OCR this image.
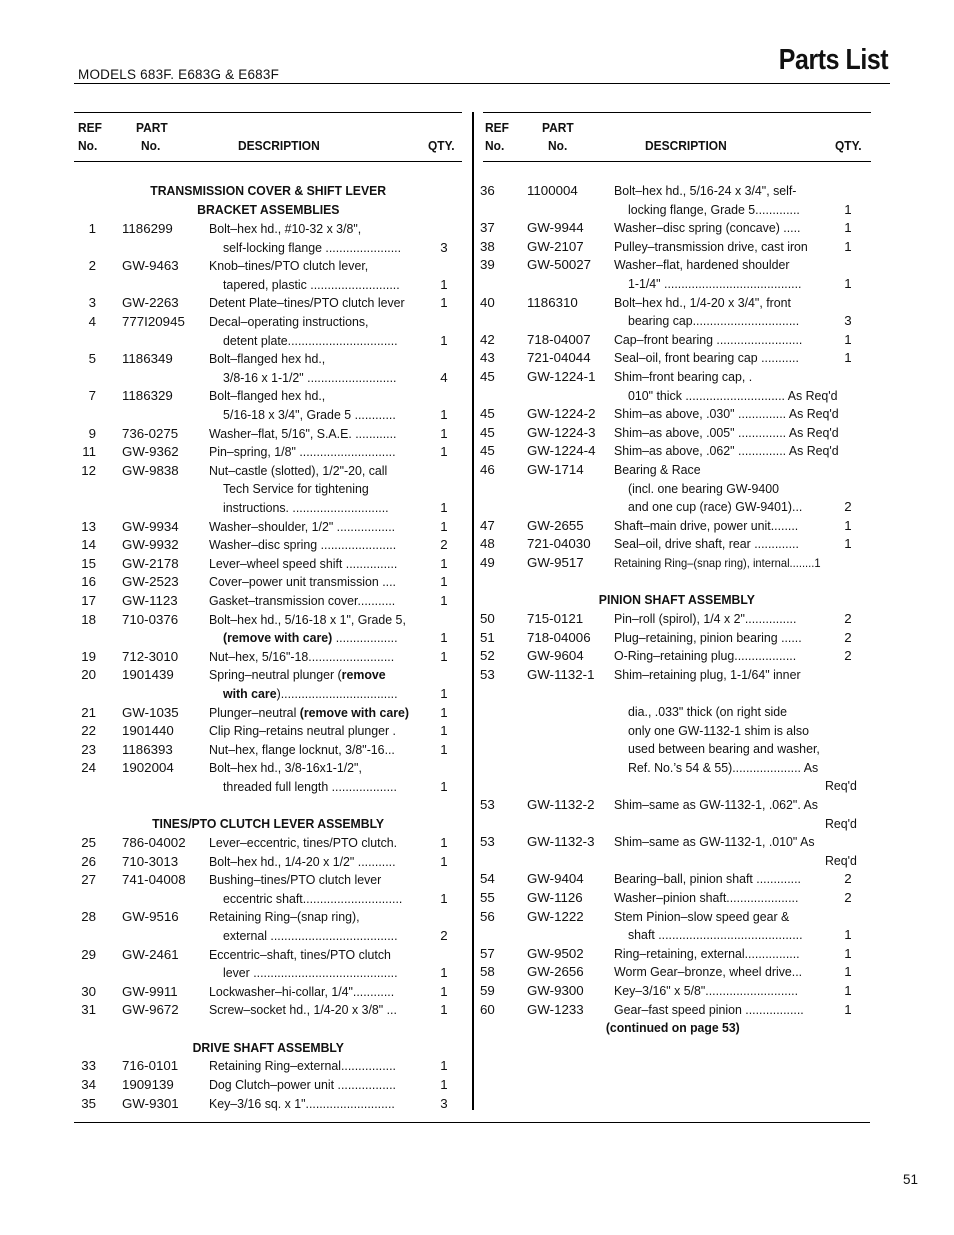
MODELS 683F. E683G & E683F	Parts List
REF
No.
PART
No.	DESCRIPTION	QTY.
TRANSMISSION COVER & SHIFT LEVER
BRACKET ASSEMBLIES
1 1186299	Bolt–hex hd., #10-32 x 3/8",
self-locking flange ......................	3
2 GW-9463 Knob–tines/PTO clutch lever,
tapered, plastic ..........................	1
3 GW-2263 Detent Plate–tines/PTO clutch lever	1
4 777I20945 Decal–operating instructions,
detent plate................................	1
5 1186349	Bolt–flanged hex hd.,
3/8-16 x 1-1/2" ..........................	4
7 1186329	Bolt–flanged hex hd.,
5/16-18 x 3/4", Grade 5 ............	1
9 736-0275 Washer–flat, 5/16", S.A.E. ............	1
11 GW-9362 Pin–spring, 1/8" ............................	1
12 GW-9838 Nut–castle (slotted), 1/2"-20, call
Tech Service for tightening
instructions. ............................	1
13 GW-9934 Washer–shoulder, 1/2" .................	1
14 GW-9932 Washer–disc spring ......................	2
15 GW-2178 Lever–wheel speed shift ...............	1
16 GW-2523 Cover–power unit transmission ....	1
17 GW-1123 Gasket–transmission cover...........	1
18 710-0376 Bolt–hex hd., 5/16-18 x 1", Grade 5,
(remove with care) ..................	1
19 712-3010 Nut–hex, 5/16"-18.........................	1
20 1901439	Spring–neutral plunger (remove
with care)..................................	1
21 GW-1035 Plunger–neutral (remove with care) 1
22 1901440	Clip Ring–retains neutral plunger .	1
23 1186393	Nut–hex, flange locknut, 3/8"-16...	1
24 1902004	Bolt–hex hd., 3/8-16x1-1/2",
threaded full length ...................	1
TINES/PTO CLUTCH LEVER ASSEMBLY
25 786-04002 Lever–eccentric, tines/PTO clutch.	1
26 710-3013 Bolt–hex hd., 1/4-20 x 1/2" ...........	1
27 741-04008 Bushing–tines/PTO clutch lever
eccentric shaft.............................	1
28 GW-9516 Retaining Ring–(snap ring),
external .....................................	2
29 GW-2461 Eccentric–shaft, tines/PTO clutch
lever ..........................................	1
30 GW-9911 Lockwasher–hi-collar, 1/4"............	1
31 GW-9672 Screw–socket hd., 1/4-20 x 3/8" ...	1
DRIVE SHAFT ASSEMBLY
33 716-0101 Retaining Ring–external................	1
34 1909139	Dog Clutch–power unit .................	1
35 GW-9301 Key–3/16 sq. x 1"..........................	3
REF
No.
PART
No.	DESCRIPTION	QTY.
36	1100004	Bolt–hex hd., 5/16-24 x 3/4", self-
locking flange, Grade 5.............	1
37	GW-9944 Washer–disc spring (concave) .....	1
38	GW-2107 Pulley–transmission drive, cast iron	1
39	GW-50027 Washer–flat, hardened shoulder
1-1/4" ........................................	1
40	1186310	Bolt–hex hd., 1/4-20 x 3/4", front
bearing cap...............................	3
42	718-04007 Cap–front bearing .........................	1
43	721-04044 Seal–oil, front bearing cap ...........	1
45	GW-1224-1 Shim–front bearing cap, .
010" thick ............................. As Req'd
45	GW-1224-2 Shim–as above, .030" .............. As Req'd
45	GW-1224-3 Shim–as above, .005" .............. As Req'd
45	GW-1224-4 Shim–as above, .062" .............. As Req'd
46	GW-1714 Bearing & Race
(incl. one bearing GW-9400
and one cup (race) GW-9401)...	2
47	GW-2655 Shaft–main drive, power unit........	1
48	721-04030 Seal–oil, drive shaft, rear .............	1
49	GW-9517	Retaining Ring–(snap ring), internal........1
PINION SHAFT ASSEMBLY
50	715-0121 Pin–roll (spirol), 1/4 x 2"...............	2
51	718-04006 Plug–retaining, pinion bearing ......	2
52	GW-9604 O-Ring–retaining plug..................	2
53	GW-1132-1 Shim–retaining plug, 1-1/64" inner
dia., .033" thick (on right side
only one GW-1132-1 shim is also
used between bearing and washer,
Ref. No.’s 54 & 55).................... As
Req'd
53	GW-1132-2 Shim–same as GW-1132-1, .062". As
Req'd
53	GW-1132-3 Shim–same as GW-1132-1, .010" As
Req'd
54	GW-9404 Bearing–ball, pinion shaft .............	2
55	GW-1126 Washer–pinion shaft.....................	2
56	GW-1222 Stem Pinion–slow speed gear &
shaft ..........................................	1
57	GW-9502 Ring–retaining, external................	1
58	GW-2656 Worm Gear–bronze, wheel drive...	1
59	GW-9300 Key–3/16" x 5/8"...........................	1
60	GW-1233 Gear–fast speed pinion .................	1
(continued on page 53)
51
